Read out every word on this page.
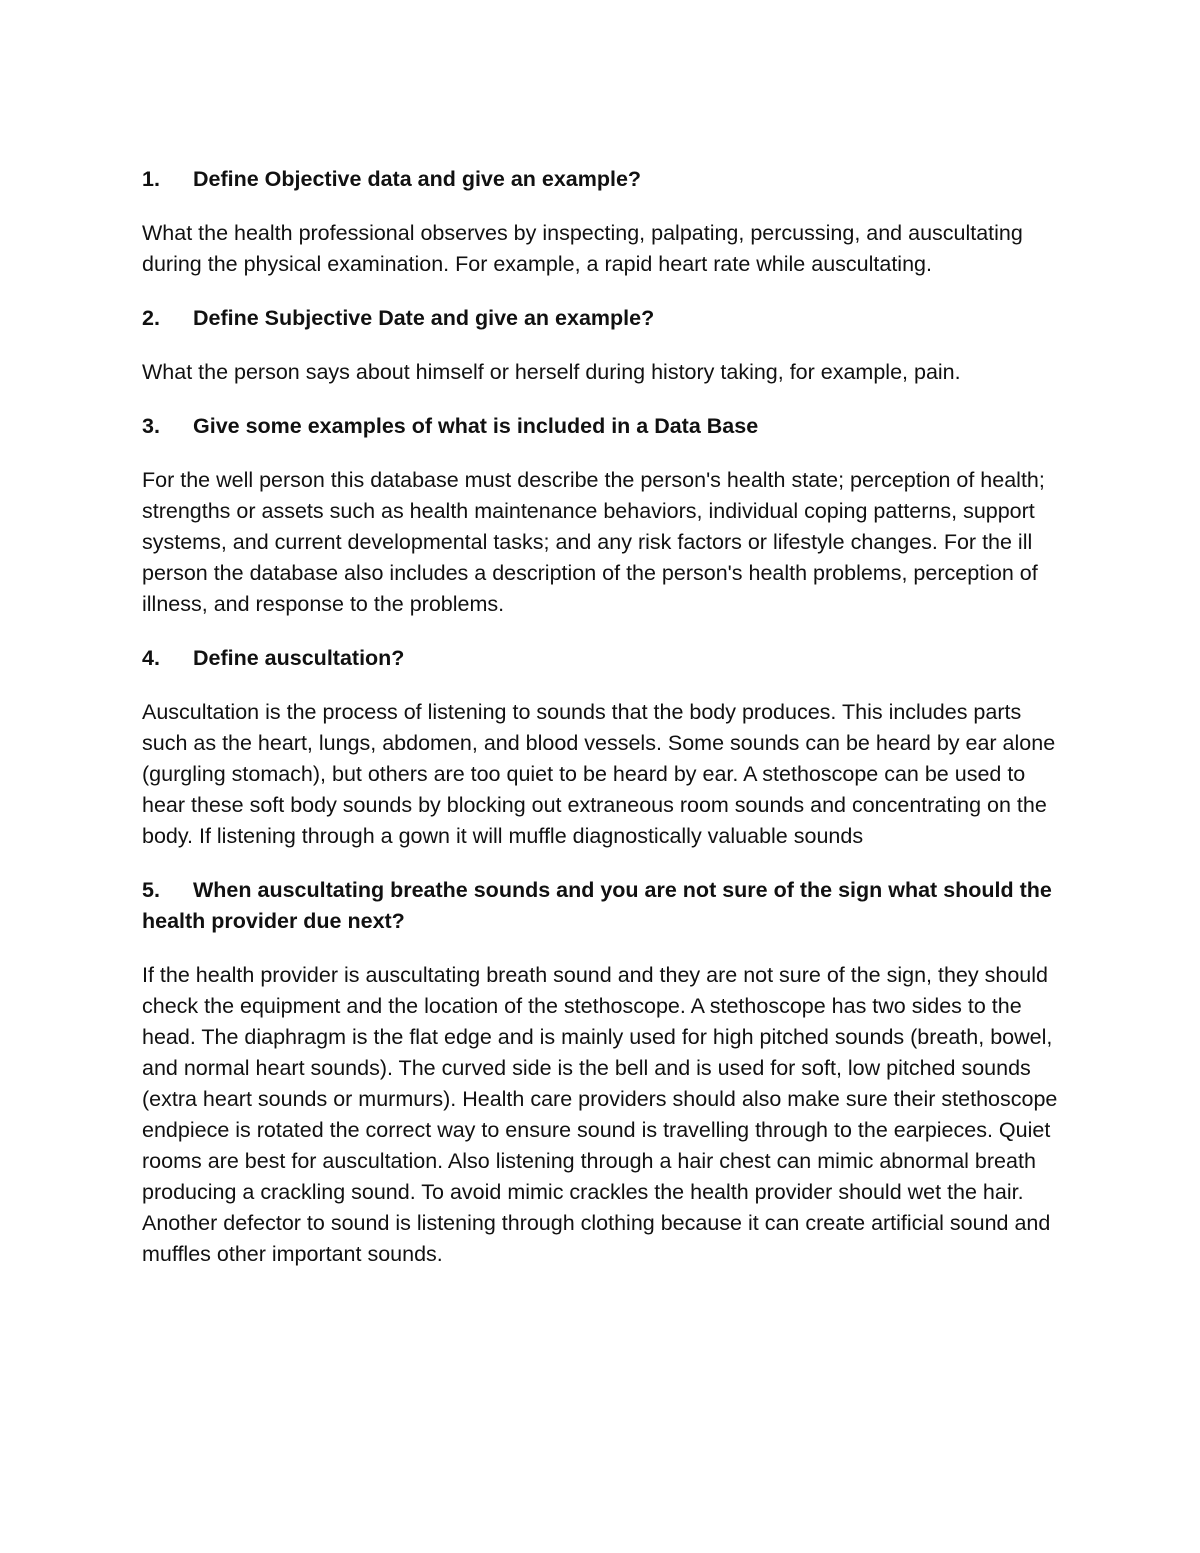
1.	Define Objective data and give an example?

What the health professional observes by inspecting, palpating, percussing, and auscultating during the physical examination. For example, a rapid heart rate while auscultating.

2.	Define Subjective Date and give an example?

What the person says about himself or herself during history taking, for example, pain.

3.	Give some examples of what is included in a Data Base

For the well person this database must describe the person's health state; perception of health; strengths or assets such as health maintenance behaviors, individual coping patterns, support systems, and current developmental tasks; and any risk factors or lifestyle changes. For the ill person the database also includes a description of the person's health problems, perception of illness, and response to the problems.

4.	Define auscultation?

Auscultation is the process of listening to sounds that the body produces. This includes parts such as the heart, lungs, abdomen, and blood vessels. Some sounds can be heard by ear alone (gurgling stomach), but others are too quiet to be heard by ear. A stethoscope can be used to hear these soft body sounds by blocking out extraneous room sounds and concentrating on the body. If listening through a gown it will muffle diagnostically valuable sounds

5. When auscultating breathe sounds and you are not sure of the sign what should the health provider due next?

If the health provider is auscultating breath sound and they are not sure of the sign, they should check the equipment and the location of the stethoscope. A stethoscope has two sides to the head. The diaphragm is the flat edge and is mainly used for high pitched sounds (breath, bowel, and normal heart sounds). The curved side is the bell and is used for soft, low pitched sounds (extra heart sounds or murmurs). Health care providers should also make sure their stethoscope endpiece is rotated the correct way to ensure sound is travelling through to the earpieces. Quiet rooms are best for auscultation. Also listening through a hair chest can mimic abnormal breath producing a crackling sound. To avoid mimic crackles the health provider should wet the hair. Another defector to sound is listening through clothing because it can create artificial sound and muffles other important sounds.
